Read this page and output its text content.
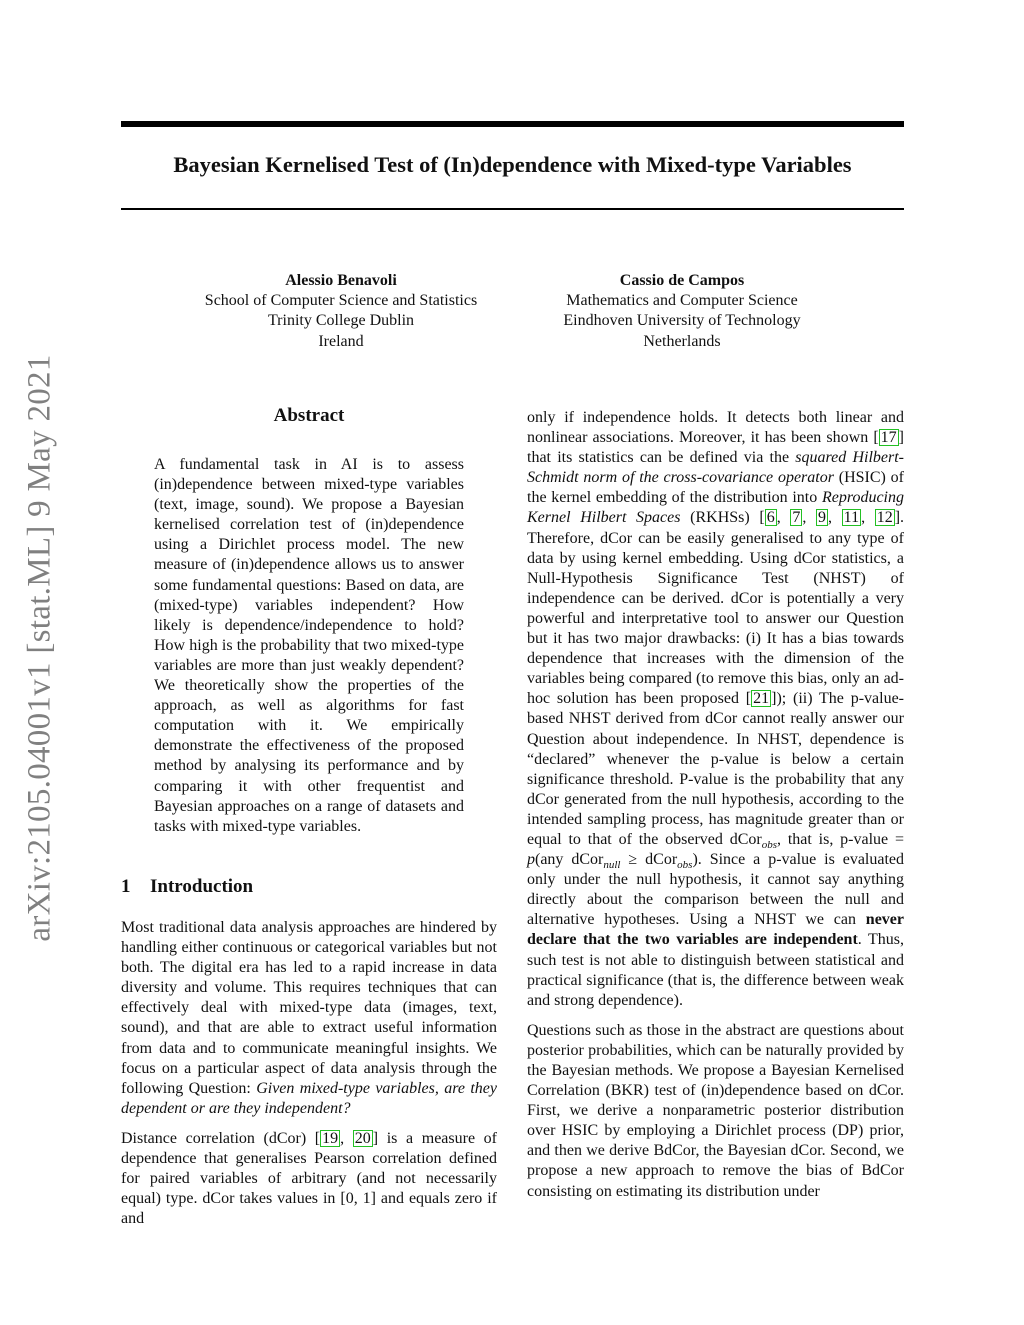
arXiv:2105.04001v1 [stat.ML] 9 May 2021
Bayesian Kernelised Test of (In)dependence with Mixed-type Variables
Alessio Benavoli
School of Computer Science and Statistics
Trinity College Dublin
Ireland
Cassio de Campos
Mathematics and Computer Science
Eindhoven University of Technology
Netherlands
Abstract

A fundamental task in AI is to assess (in)dependence between mixed-type variables (text, image, sound). We propose a Bayesian kernelised correlation test of (in)dependence using a Dirichlet process model. The new measure of (in)dependence allows us to answer some fundamental questions: Based on data, are (mixed-type) variables independent? How likely is dependence/independence to hold? How high is the probability that two mixed-type variables are more than just weakly dependent? We theoretically show the properties of the approach, as well as algorithms for fast computation with it. We empirically demonstrate the effectiveness of the proposed method by analysing its performance and by comparing it with other frequentist and Bayesian approaches on a range of datasets and tasks with mixed-type variables.

1 Introduction

Most traditional data analysis approaches are hindered by handling either continuous or categorical variables but not both. The digital era has led to a rapid increase in data diversity and volume. This requires techniques that can effectively deal with mixed-type data (images, text, sound), and that are able to extract useful information from data and to communicate meaningful insights. We focus on a particular aspect of data analysis through the following Question: Given mixed-type variables, are they dependent or are they independent?

Distance correlation (dCor) [ 19 , 20 ] is a measure of dependence that generalises Pearson correlation defined for paired variables of arbitrary (and not necessarily equal) type. dCor takes values in [0, 1] and equals zero if and

only if independence holds. It detects both linear and nonlinear associations. Moreover, it has been shown [ 17 ] that its statistics can be defined via the squared Hilbert-Schmidt norm of the cross-covariance operator (HSIC) of the kernel embedding of the distribution into Reproducing Kernel Hilbert Spaces (RKHSs) [ 6 , 7 , 9 , 11 , 12 ]. Therefore, dCor can be easily generalised to any type of data by using kernel embedding. Using dCor statistics, a Null-Hypothesis Significance Test (NHST) of independence can be derived. dCor is potentially a very powerful and interpretative tool to answer our Question but it has two major drawbacks: (i) It has a bias towards dependence that increases with the dimension of the variables being compared (to remove this bias, only an ad-hoc solution has been proposed [ 21 ]); (ii) The p-value-based NHST derived from dCor cannot really answer our Question about independence. In NHST, dependence is “declared” whenever the p-value is below a certain significance threshold. P-value is the probability that any dCor generated from the null hypothesis, according to the intended sampling process, has magnitude greater than or equal to that of the observed dCor$_{obs}$, that is, p-value = p(any dCor$_{null}$ ≥ dCor$_{obs}$). Since a p-value is evaluated only under the null hypothesis, it cannot say anything directly about the comparison between the null and alternative hypotheses. Using a NHST we can never declare that the two variables are independent. Thus, such test is not able to distinguish between statistical and practical significance (that is, the difference between weak and strong dependence).

Questions such as those in the abstract are questions about posterior probabilities, which can be naturally provided by the Bayesian methods. We propose a Bayesian Kernelised Correlation (BKR) test of (in)dependence based on dCor. First, we derive a nonparametric posterior distribution over HSIC by employing a Dirichlet process (DP) prior, and then we derive BdCor, the Bayesian dCor. Second, we propose a new approach to remove the bias of BdCor consisting on estimating its distribution under
